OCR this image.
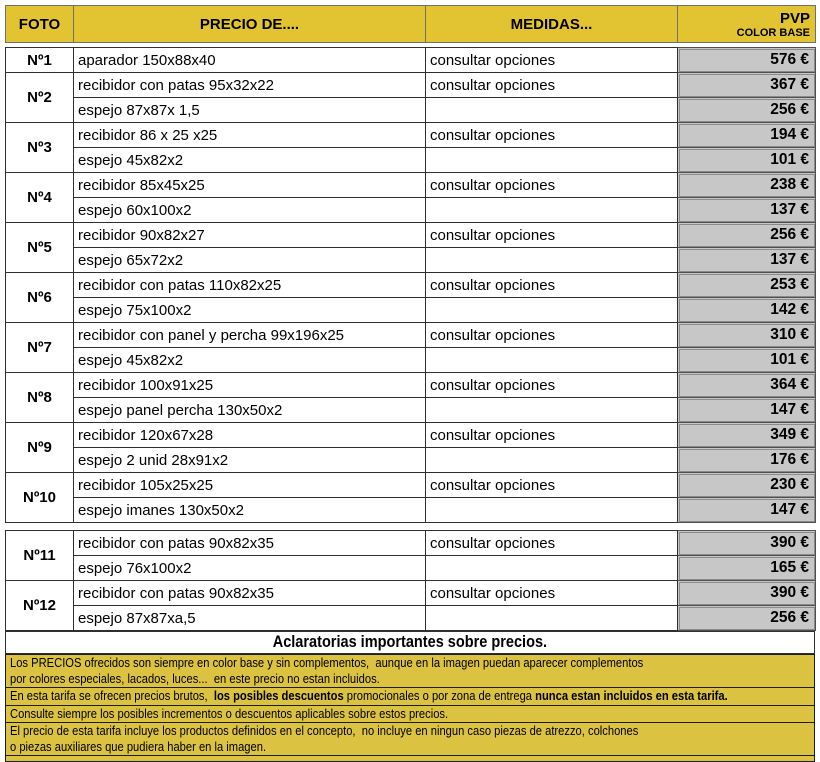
FOTO	PRECIO DE....	MEDIDAS...	PVP
COLOR BASE
Nº1	aparador 150x88x40	consultar opciones	576 €
Nº2	recibidor con patas 95x32x22	consultar opciones	367 €
	espejo 87x87x 1,5		256 €
Nº3	recibidor 86 x 25 x25	consultar opciones	194 €
	espejo 45x82x2		101 €
Nº4	recibidor 85x45x25	consultar opciones	238 €
	espejo 60x100x2		137 €
Nº5	recibidor 90x82x27	consultar opciones	256 €
	espejo 65x72x2		137 €
Nº6	recibidor con patas 110x82x25	consultar opciones	253 €
	espejo 75x100x2		142 €
Nº7	recibidor con panel y percha 99x196x25	consultar opciones	310 €
	espejo 45x82x2		101 €
Nº8	recibidor 100x91x25	consultar opciones	364 €
	espejo panel percha 130x50x2		147 €
Nº9	recibidor 120x67x28	consultar opciones	349 €
	espejo 2 unid 28x91x2		176 €
Nº10	recibidor 105x25x25	consultar opciones	230 €
	espejo imanes 130x50x2		147 €
Nº11	recibidor con patas 90x82x35	consultar opciones	390 €
	espejo 76x100x2		165 €
Nº12	recibidor con patas 90x82x35	consultar opciones	390 €
	espejo 87x87xa,5		256 €
Aclaratorias importantes sobre precios.
Los PRECIOS ofrecidos son siempre en color base y sin complementos,  aunque en la imagen puedan aparecer complementos
por colores especiales, lacados, luces...  en este precio no estan incluidos.
En esta tarifa se ofrecen precios brutos,  los posibles descuentos promocionales o por zona de entrega nunca estan incluidos en esta tarifa.
Consulte siempre los posibles incrementos o descuentos aplicables sobre estos precios.
El precio de esta tarifa incluye los productos definidos en el concepto,  no incluye en ningun caso piezas de atrezzo, colchones
o piezas auxiliares que pudiera haber en la imagen.
